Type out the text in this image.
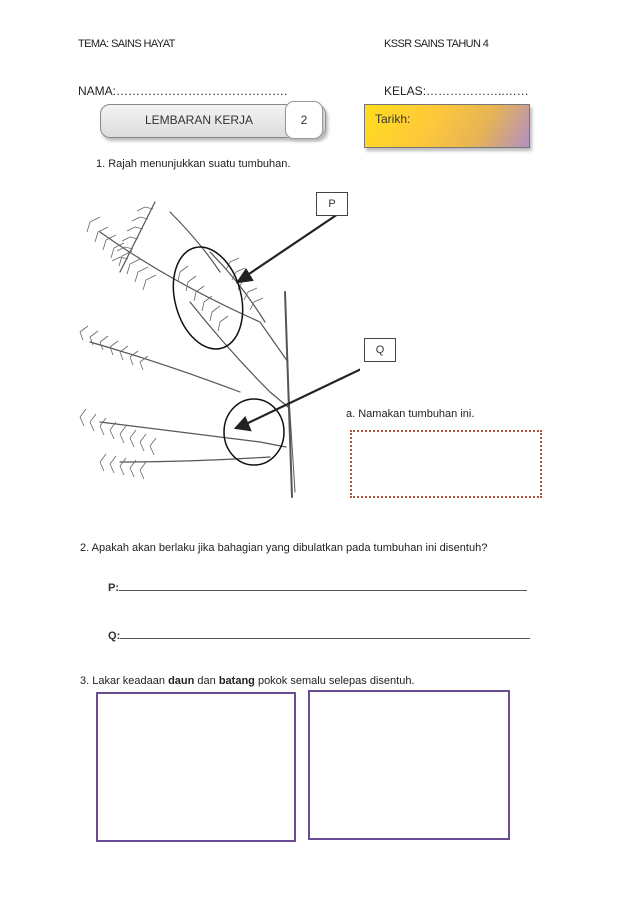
TEMA: SAINS HAYAT	KSSR SAINS TAHUN 4
NAMA:…………………………………….	KELAS:………………..……
LEMBARAN KERJA	2	Tarikh:
1. Rajah menunjukkan suatu tumbuhan.
P
Q
a. Namakan tumbuhan ini.
2. Apakah akan berlaku jika bahagian yang dibulatkan pada tumbuhan ini disentuh?
P:
Q:
3. Lakar keadaan daun dan batang pokok semalu selepas disentuh.
